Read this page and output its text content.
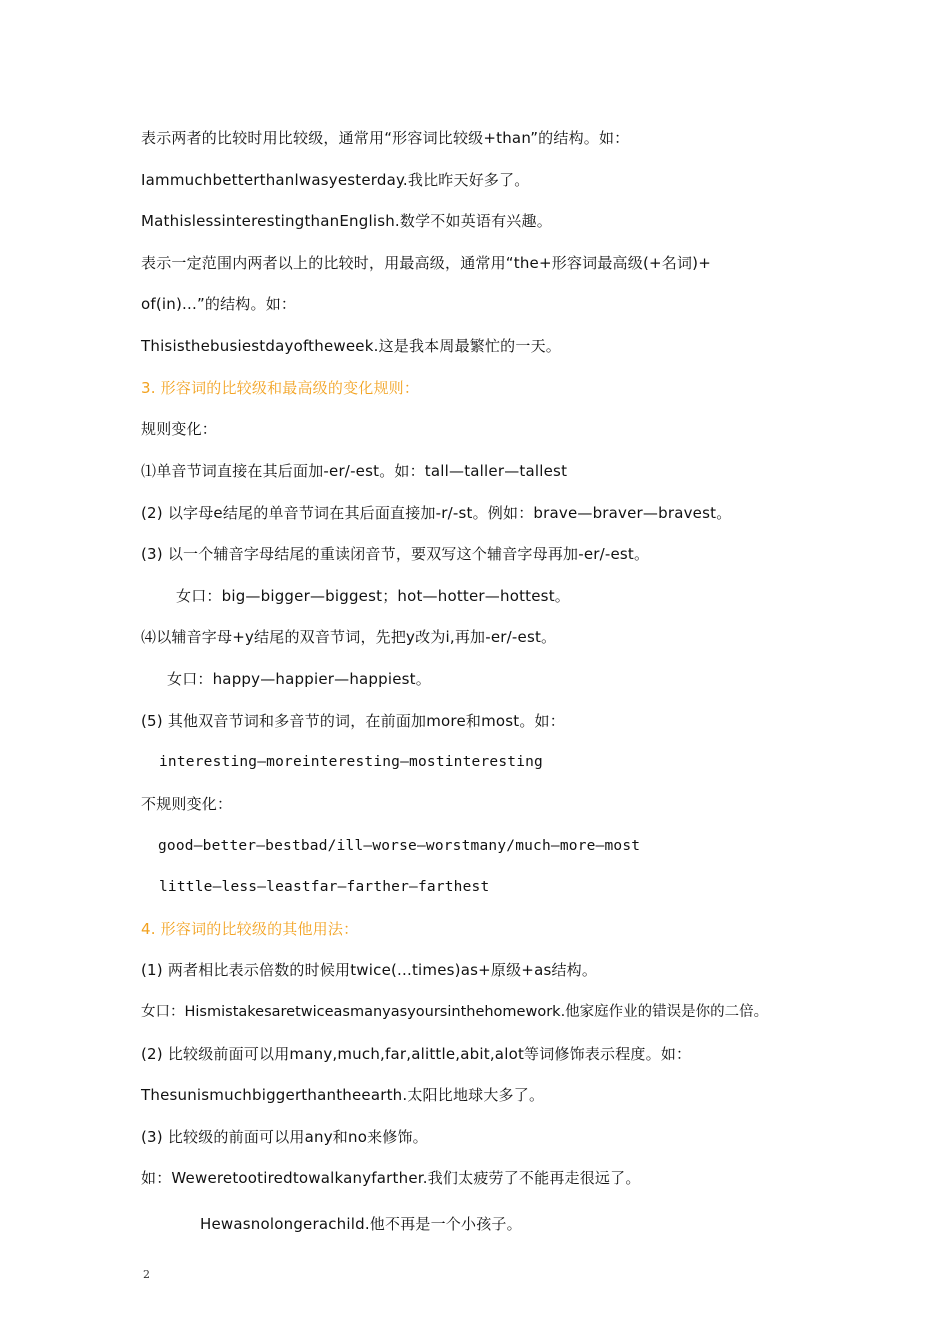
表示两者的比较时用比较级，通常用“形容词比较级+than”的结构。如：
Iammuchbetterthanlwasyesterday.我比昨天好多了。
MathislessinterestingthanEnglish.数学不如英语有兴趣。
表示一定范围内两者以上的比较时，用最高级，通常用“the+形容词最高级(+名词)+
of(in)...”的结构。如：
Thisisthebusiestdayoftheweek.这是我本周最繁忙的一天。
3. 形容词的比较级和最高级的变化规则：
规则变化：
⑴单音节词直接在其后面加-er/-est。如：tall—taller—tallest
(2) 以字母e结尾的单音节词在其后面直接加-r/-st。例如：brave—braver—bravest。
(3) 以一个辅音字母结尾的重读闭音节，要双写这个辅音字母再加-er/-est。
女口：big—bigger—biggest；hot—hotter—hottest。
⑷以辅音字母+y结尾的双音节词，先把y改为i,再加-er/-est。
女口：happy—happier—happiest。
(5) 其他双音节词和多音节的词，在前面加more和most。如：
interesting—moreinteresting—mostinteresting
不规则变化：
good—better—bestbad/ill—worse—worstmany/much—more—most
little—less—leastfar—farther—farthest
4. 形容词的比较级的其他用法：
(1) 两者相比表示倍数的时候用twice(...times)as+原级+as结构。
女口：Hismistakesaretwiceasmanyasyoursinthehomework.他家庭作业的错误是你的二倍。
(2) 比较级前面可以用many,much,far,alittle,abit,alot等词修饰表示程度。如：
Thesunismuchbiggerthantheearth.太阳比地球大多了。
(3) 比较级的前面可以用any和no来修饰。
如：Weweretootiredtowalkanyfarther.我们太疲劳了不能再走很远了。
Hewasnolongerachild.他不再是一个小孩子。
2
